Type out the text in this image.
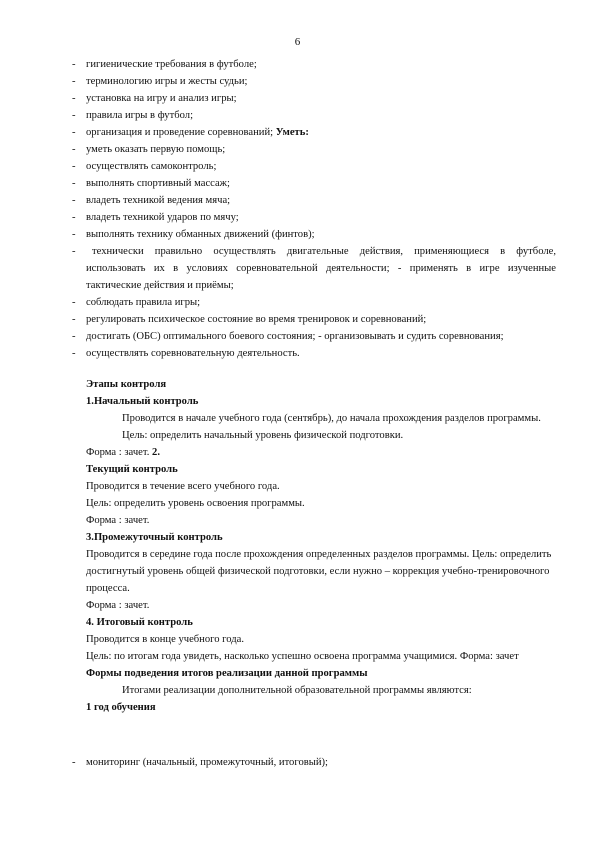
6
- гигиенические требования в футболе;
- терминологию игры и жесты судьи;
- установка на игру и анализ игры;
- правила игры в футбол;
- организация и проведение соревнований; Уметь:
- уметь оказать первую помощь;
- осуществлять самоконтроль;
- выполнять спортивный массаж;
- владеть техникой ведения мяча;
- владеть техникой ударов по мячу;
- выполнять технику обманных движений (финтов);
- технически правильно осуществлять двигательные действия, применяющиеся в футболе, использовать их в условиях соревновательной деятельности; - применять в игре изученные тактические действия и приёмы;
- соблюдать правила игры;
- регулировать психическое состояние во время тренировок и соревнований;
- достигать (ОБС) оптимального боевого состояния; - организовывать и судить соревнования;
- осуществлять соревновательную деятельность.

Этапы контроля

1.Начальный контроль

Проводится в начале учебного года (сентябрь), до начала прохождения разделов программы.

Цель: определить начальный уровень физической подготовки.

Форма : зачет. 2.

Текущий контроль

Проводится в течение всего учебного года.

Цель: определить уровень освоения программы.

Форма : зачет.

3.Промежуточный контроль

Проводится в середине года после прохождения определенных разделов программы. Цель: определить достигнутый уровень общей физической подготовки, если нужно – коррекция учебно-тренировочного процесса.

Форма : зачет.

4. Итоговый контроль

Проводится в конце учебного года.

Цель: по итогам года увидеть, насколько успешно освоена программа учащимися. Форма: зачет

Формы подведения итогов реализации данной программы

Итогами реализации дополнительной образовательной программы являются:

1 год обучения

- мониторинг (начальный, промежуточный, итоговый);
